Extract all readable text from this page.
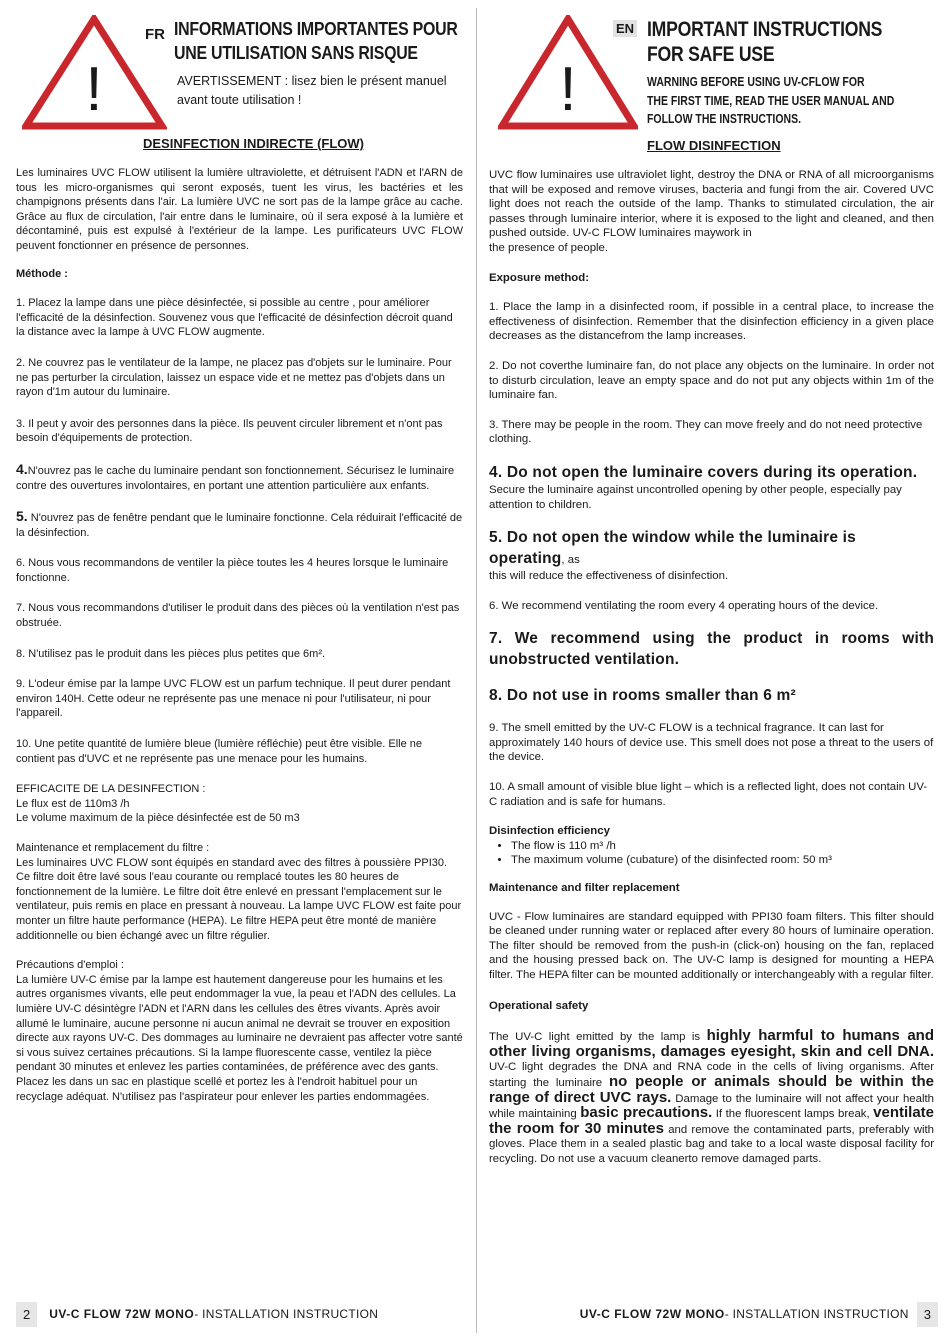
!
FR INFORMATIONS IMPORTANTES POUR
UNE UTILISATION SANS RISQUE
AVERTISSEMENT : lisez bien le présent manuel
avant toute utilisation !
DESINFECTION INDIRECTE (FLOW)

Les luminaires UVC FLOW utilisent la lumière ultraviolette, et détruisent l'ADN et l'ARN de tous les micro-organismes qui seront exposés, tuent les virus, les bactéries et les champignons présents dans l'air. La lumière UVC ne sort pas de la lampe grâce au cache. Grâce au flux de circulation, l'air entre dans le luminaire, où il sera exposé à la lumière et décontaminé, puis est expulsé à l'extérieur de la lampe. Les purificateurs UVC FLOW peuvent fonctionner en présence de personnes.

Méthode :

1. Placez la lampe dans une pièce désinfectée, si possible au centre , pour améliorer l'efficacité de la désinfection. Souvenez vous que l'efficacité de désinfection décroit quand la distance avec la lampe à UVC FLOW augmente.

2. Ne couvrez pas le ventilateur de la lampe, ne placez pas d'objets sur le luminaire. Pour ne pas perturber la circulation, laissez un espace vide et ne mettez pas d'objets dans un rayon d'1m autour du luminaire.

3. Il peut y avoir des personnes dans la pièce. Ils peuvent circuler librement et n'ont pas besoin d'équipements de protection.

4.N'ouvrez pas le cache du luminaire pendant son fonctionnement. Sécurisez le luminaire contre des ouvertures involontaires, en portant une attention particulière aux enfants.

5. N'ouvrez pas de fenêtre pendant que le luminaire fonctionne. Cela réduirait l'efficacité de la désinfection.

6. Nous vous recommandons de ventiler la pièce toutes les 4 heures lorsque le luminaire fonctionne.

7. Nous vous recommandons d'utiliser le produit dans des pièces où la ventilation n'est pas obstruée.

8. N'utilisez pas le produit dans les pièces plus petites que 6m².

9. L'odeur émise par la lampe UVC FLOW est un parfum technique. Il peut durer pendant environ 140H. Cette odeur ne représente pas une menace ni pour l'utilisateur, ni pour l'appareil.

10. Une petite quantité de lumière bleue (lumière réfléchie) peut être visible. Elle ne contient pas d'UVC et ne représente pas une menace pour les humains.

EFFICACITE DE LA DESINFECTION :

Le flux est de 110m3 /h

Le volume maximum de la pièce désinfectée est de 50 m3

Maintenance et remplacement du filtre :

Les luminaires UVC FLOW sont équipés en standard avec des filtres à poussière PPI30. Ce filtre doit être lavé sous l'eau courante ou remplacé toutes les 80 heures de fonctionnement de la lumière. Le filtre doit être enlevé en pressant l'emplacement sur le ventilateur, puis remis en place en pressant à nouveau. La lampe UVC FLOW est faite pour monter un filtre haute performance (HEPA). Le filtre HEPA peut être monté de manière additionnelle ou bien échangé avec un filtre régulier.

Précautions d'emploi :

La lumière UV-C émise par la lampe est hautement dangereuse pour les humains et les autres organismes vivants, elle peut endommager la vue, la peau et l'ADN des cellules. La lumière UV-C désintègre l'ADN et l'ARN dans les cellules des êtres vivants. Après avoir allumé le luminaire, aucune personne ni aucun animal ne devrait se trouver en exposition directe aux rayons UV-C. Des dommages au luminaire ne devraient pas affecter votre santé si vous suivez certaines précautions. Si la lampe fluorescente casse, ventilez la pièce pendant 30 minutes et enlevez les parties contaminées, de préférence avec des gants. Placez les dans un sac en plastique scellé et portez les à l'endroit habituel pour un recyclage adéquat. N'utilisez pas l'aspirateur pour enlever les parties endommagées.

2	UV-C FLOW 72W MONO - INSTALLATION INSTRUCTION
!
EN IMPORTANT INSTRUCTIONS
FOR SAFE USE
WARNING BEFORE USING UV-CFLOW FOR
THE FIRST TIME, READ THE USER MANUAL AND
FOLLOW THE INSTRUCTIONS.
FLOW DISINFECTION

UVC flow luminaires use ultraviolet light, destroy the DNA or RNA of all microorganisms that will be exposed and remove viruses, bacteria and fungi from the air. Covered UVC light does not reach the outside of the lamp. Thanks to stimulated circulation, the air passes through luminaire interior, where it is exposed to the light and cleaned, and then pushed outside. UV-C FLOW luminaires maywork in

the presence of people.

Exposure method:

1. Place the lamp in a disinfected room, if possible in a central place, to increase the effectiveness of disinfection. Remember that the disinfection efficiency in a given place decreases as the distancefrom the lamp increases.

2. Do not coverthe luminaire fan, do not place any objects on the luminaire. In order not to disturb circulation, leave an empty space and do not put any objects within 1m of the luminaire fan.

3. There may be people in the room. They can move freely and do not need protective clothing.

4. Do not open the luminaire covers during its operation.

Secure the luminaire against uncontrolled opening by other people, especially pay attention to children.

5. Do not open the window while the luminaire is operating, as

this will reduce the effectiveness of disinfection.

6. We recommend ventilating the room every 4 operating hours of the device.

7. We recommend using the product in rooms with unobstructed ventilation.

8. Do not use in rooms smaller than 6 m²

9. The smell emitted by the UV-C FLOW is a technical fragrance. It can last for approximately 140 hours of device use. This smell does not pose a threat to the users of the device.

10. A small amount of visible blue light – which is a reflected light, does not contain UV-C radiation and is safe for humans.

Disinfection efficiency

• The flow is 110 m³ /h
• The maximum volume (cubature) of the disinfected room: 50 m³

Maintenance and filter replacement

UVC - Flow luminaires are standard equipped with PPI30 foam filters. This filter should be cleaned under running water or replaced after every 80 hours of luminaire operation. The filter should be removed from the push-in (click-on) housing on the fan, replaced and the housing pressed back on. The UV-C lamp is designed for mounting a HEPA filter. The HEPA filter can be mounted additionally or interchangeably with a regular filter.

Operational safety

The UV-C light emitted by the lamp is highly harmful to humans and other living organisms, damages eyesight, skin and cell DNA. UV-C light degrades the DNA and RNA code in the cells of living organisms. After starting the luminaire no people or animals should be within the range of direct UVC rays. Damage to the luminaire will not affect your health while maintaining basic precautions. If the fluorescent lamps break, ventilate the room for 30 minutes and remove the contaminated parts, preferably with gloves. Place them in a sealed plastic bag and take to a local waste disposal facility for recycling. Do not use a vacuum cleanerto remove damaged parts.

UV-C FLOW 72W MONO - INSTALLATION INSTRUCTION	3
